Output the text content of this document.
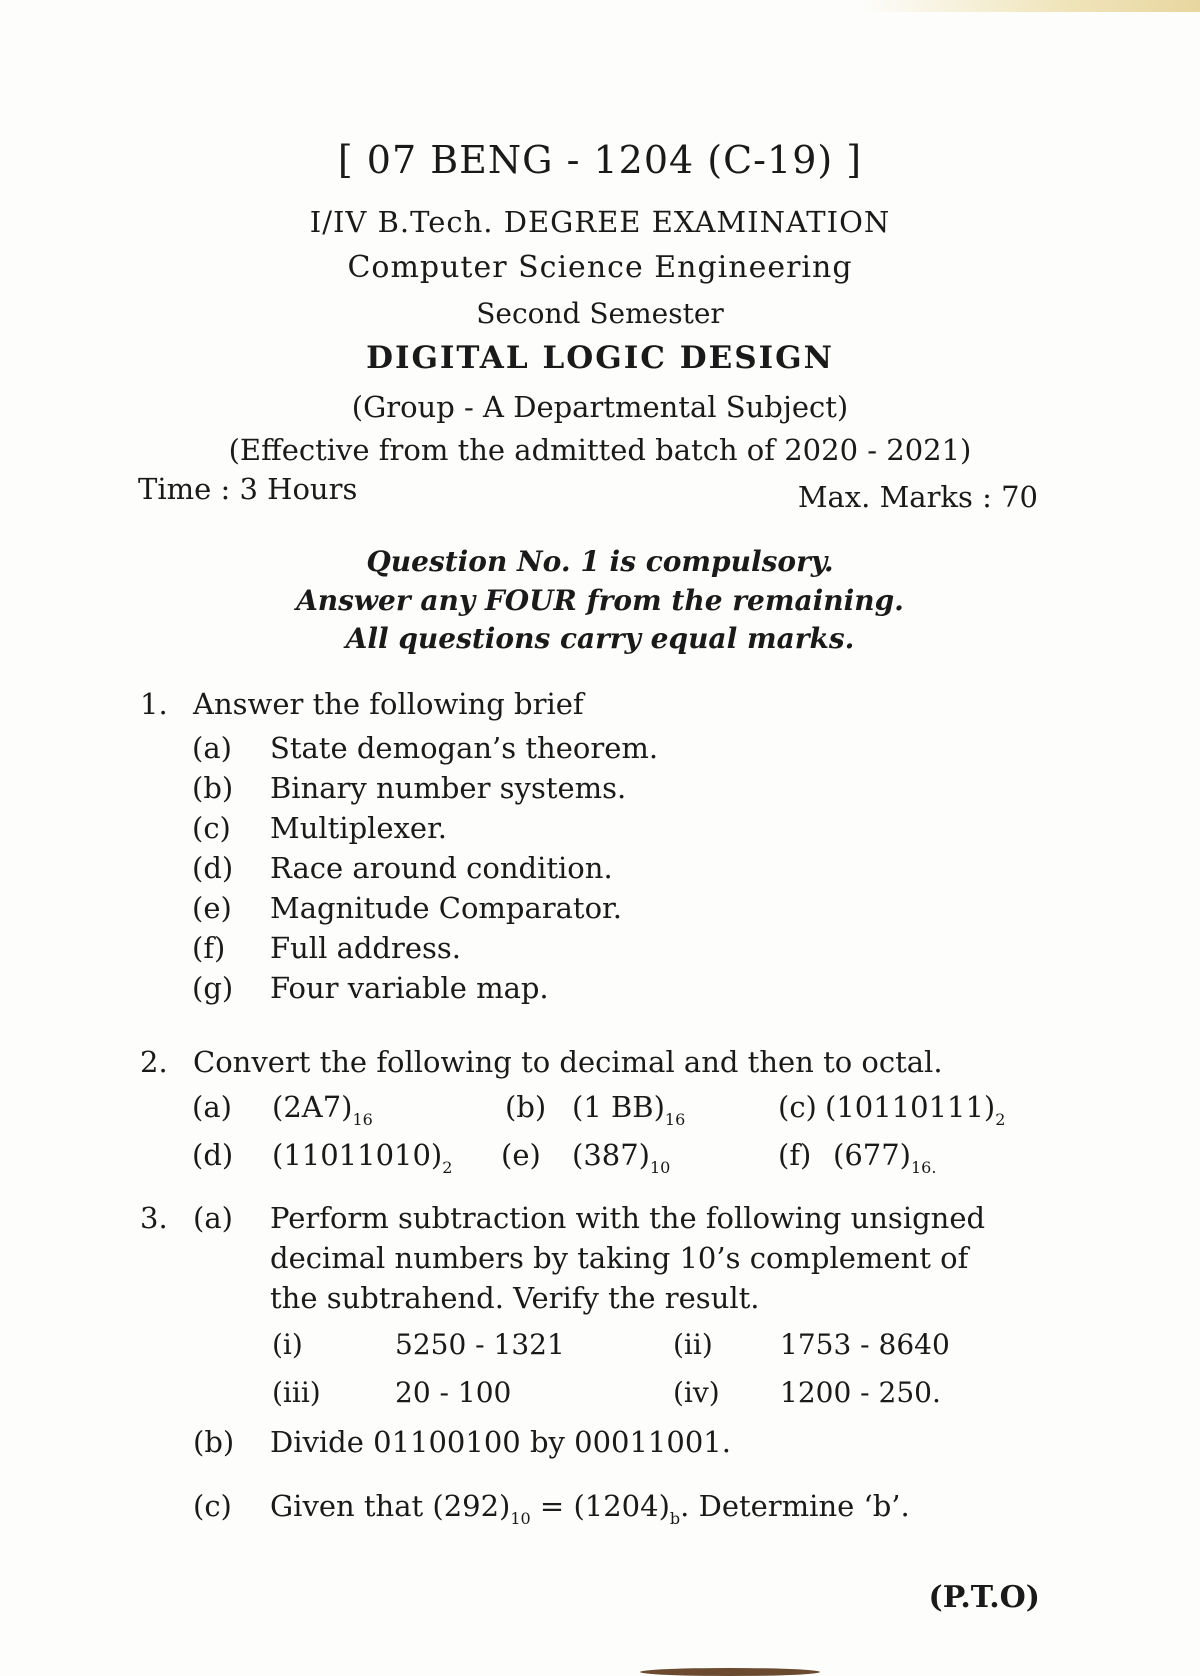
[ 07 BENG - 1204 (C-19) ]
I/IV B.Tech. DEGREE EXAMINATION
Computer Science Engineering
Second Semester
DIGITAL LOGIC DESIGN
(Group - A Departmental Subject)
(Effective from the admitted batch of 2020 - 2021)
Time : 3 Hours	Max. Marks : 70
Question No. 1 is compulsory.
Answer any FOUR from the remaining.
All questions carry equal marks.
1. Answer the following brief
(a) State demogan’s theorem.
(b) Binary number systems.
(c) Multiplexer.
(d) Race around condition.
(e) Magnitude Comparator.
(f) Full address.
(g) Four variable map.
2. Convert the following to decimal and then to octal.
(a) $(2A7)_{16}$	(b) (1 $BB)_{16}$	(c) $(10110111)_2$
(d) $(11011010)_2$ (e) $(387)_{10}$	(f) $(677)_{16.}$
3. (a) Perform subtraction with the following unsigned
decimal numbers by taking 10’s complement of
the subtrahend. Verify the result.
(i)	5250 - 1321	(ii) 1753 - 8640
(iii)	20 - 100	(iv) 1200 - 250.
(b) Divide 01100100 by 00011001.
(c) Given that $(292)_{10} = (1204)_b$. Determine ‘b’.
(P.T.O)
